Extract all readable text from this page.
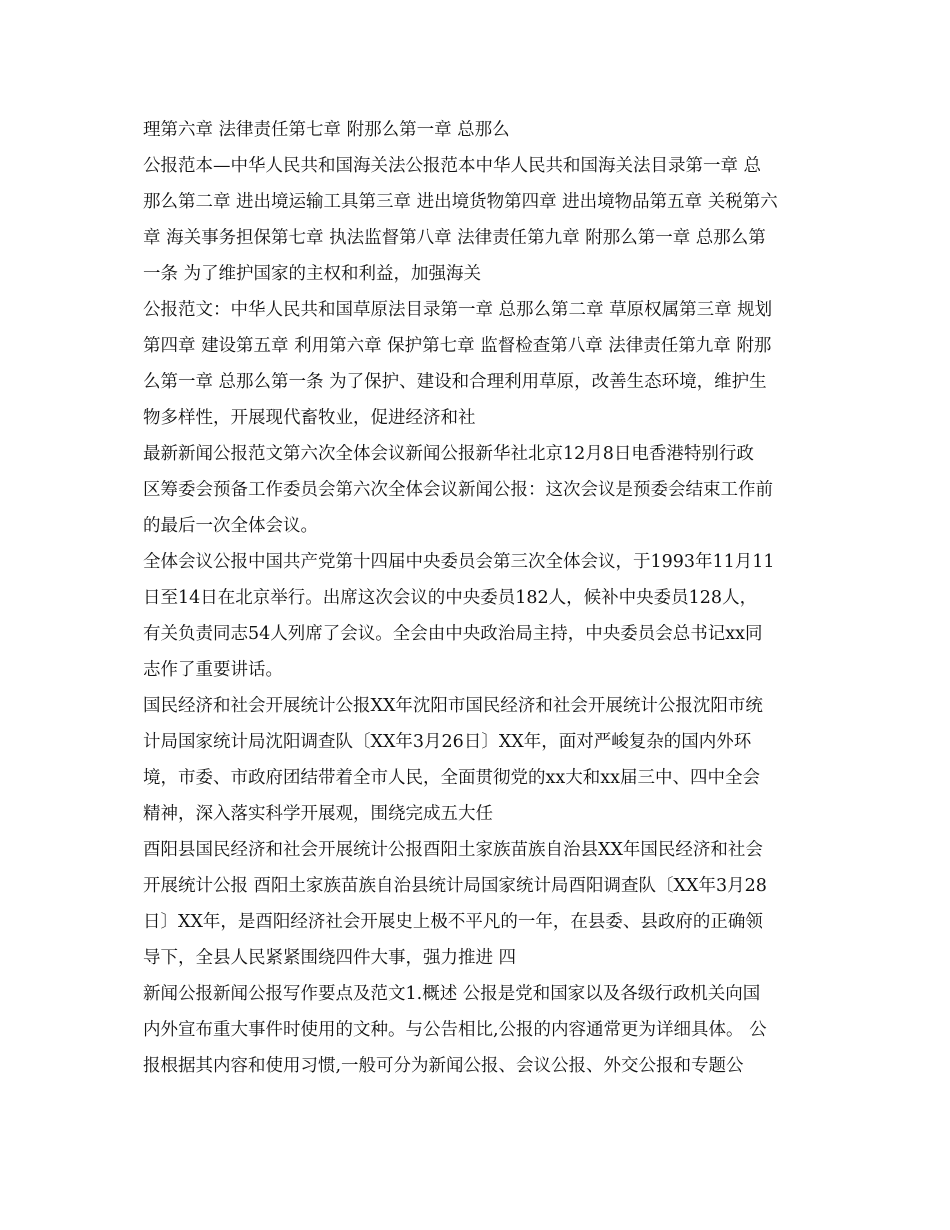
理第六章 法律责任第七章 附那么第一章 总那么
公报范本—中华人民共和国海关法公报范本中华人民共和国海关法目录第一章 总
那么第二章 进出境运输工具第三章 进出境货物第四章 进出境物品第五章 关税第六
章 海关事务担保第七章 执法监督第八章 法律责任第九章 附那么第一章 总那么第
一条 为了维护国家的主权和利益，加强海关
公报范文：中华人民共和国草原法目录第一章 总那么第二章 草原权属第三章 规划
第四章 建设第五章 利用第六章 保护第七章 监督检查第八章 法律责任第九章 附那
么第一章 总那么第一条 为了保护、建设和合理利用草原，改善生态环境，维护生
物多样性，开展现代畜牧业，促进经济和社
最新新闻公报范文第六次全体会议新闻公报新华社北京12月8日电香港特别行政
区筹委会预备工作委员会第六次全体会议新闻公报：这次会议是预委会结束工作前
的最后一次全体会议。
全体会议公报中国共产党第十四届中央委员会第三次全体会议，于1993年11月11
日至14日在北京举行。出席这次会议的中央委员182人，候补中央委员128人，
有关负责同志54人列席了会议。全会由中央政治局主持，中央委员会总书记xx同
志作了重要讲话。
国民经济和社会开展统计公报XX年沈阳市国民经济和社会开展统计公报沈阳市统
计局国家统计局沈阳调查队〔XX年3月26日〕XX年，面对严峻复杂的国内外环
境，市委、市政府团结带着全市人民，全面贯彻党的xx大和xx届三中、四中全会
精神，深入落实科学开展观，围绕完成五大任
酉阳县国民经济和社会开展统计公报酉阳土家族苗族自治县XX年国民经济和社会
开展统计公报 酉阳土家族苗族自治县统计局国家统计局酉阳调查队〔XX年3月28
日〕XX年，是酉阳经济社会开展史上极不平凡的一年，在县委、县政府的正确领
导下，全县人民紧紧围绕四件大事，强力推进 四
新闻公报新闻公报写作要点及范文1.概述 公报是党和国家以及各级行政机关向国
内外宣布重大事件时使用的文种。与公告相比,公报的内容通常更为详细具体。 公
报根据其内容和使用习惯,一般可分为新闻公报、会议公报、外交公报和专题公
